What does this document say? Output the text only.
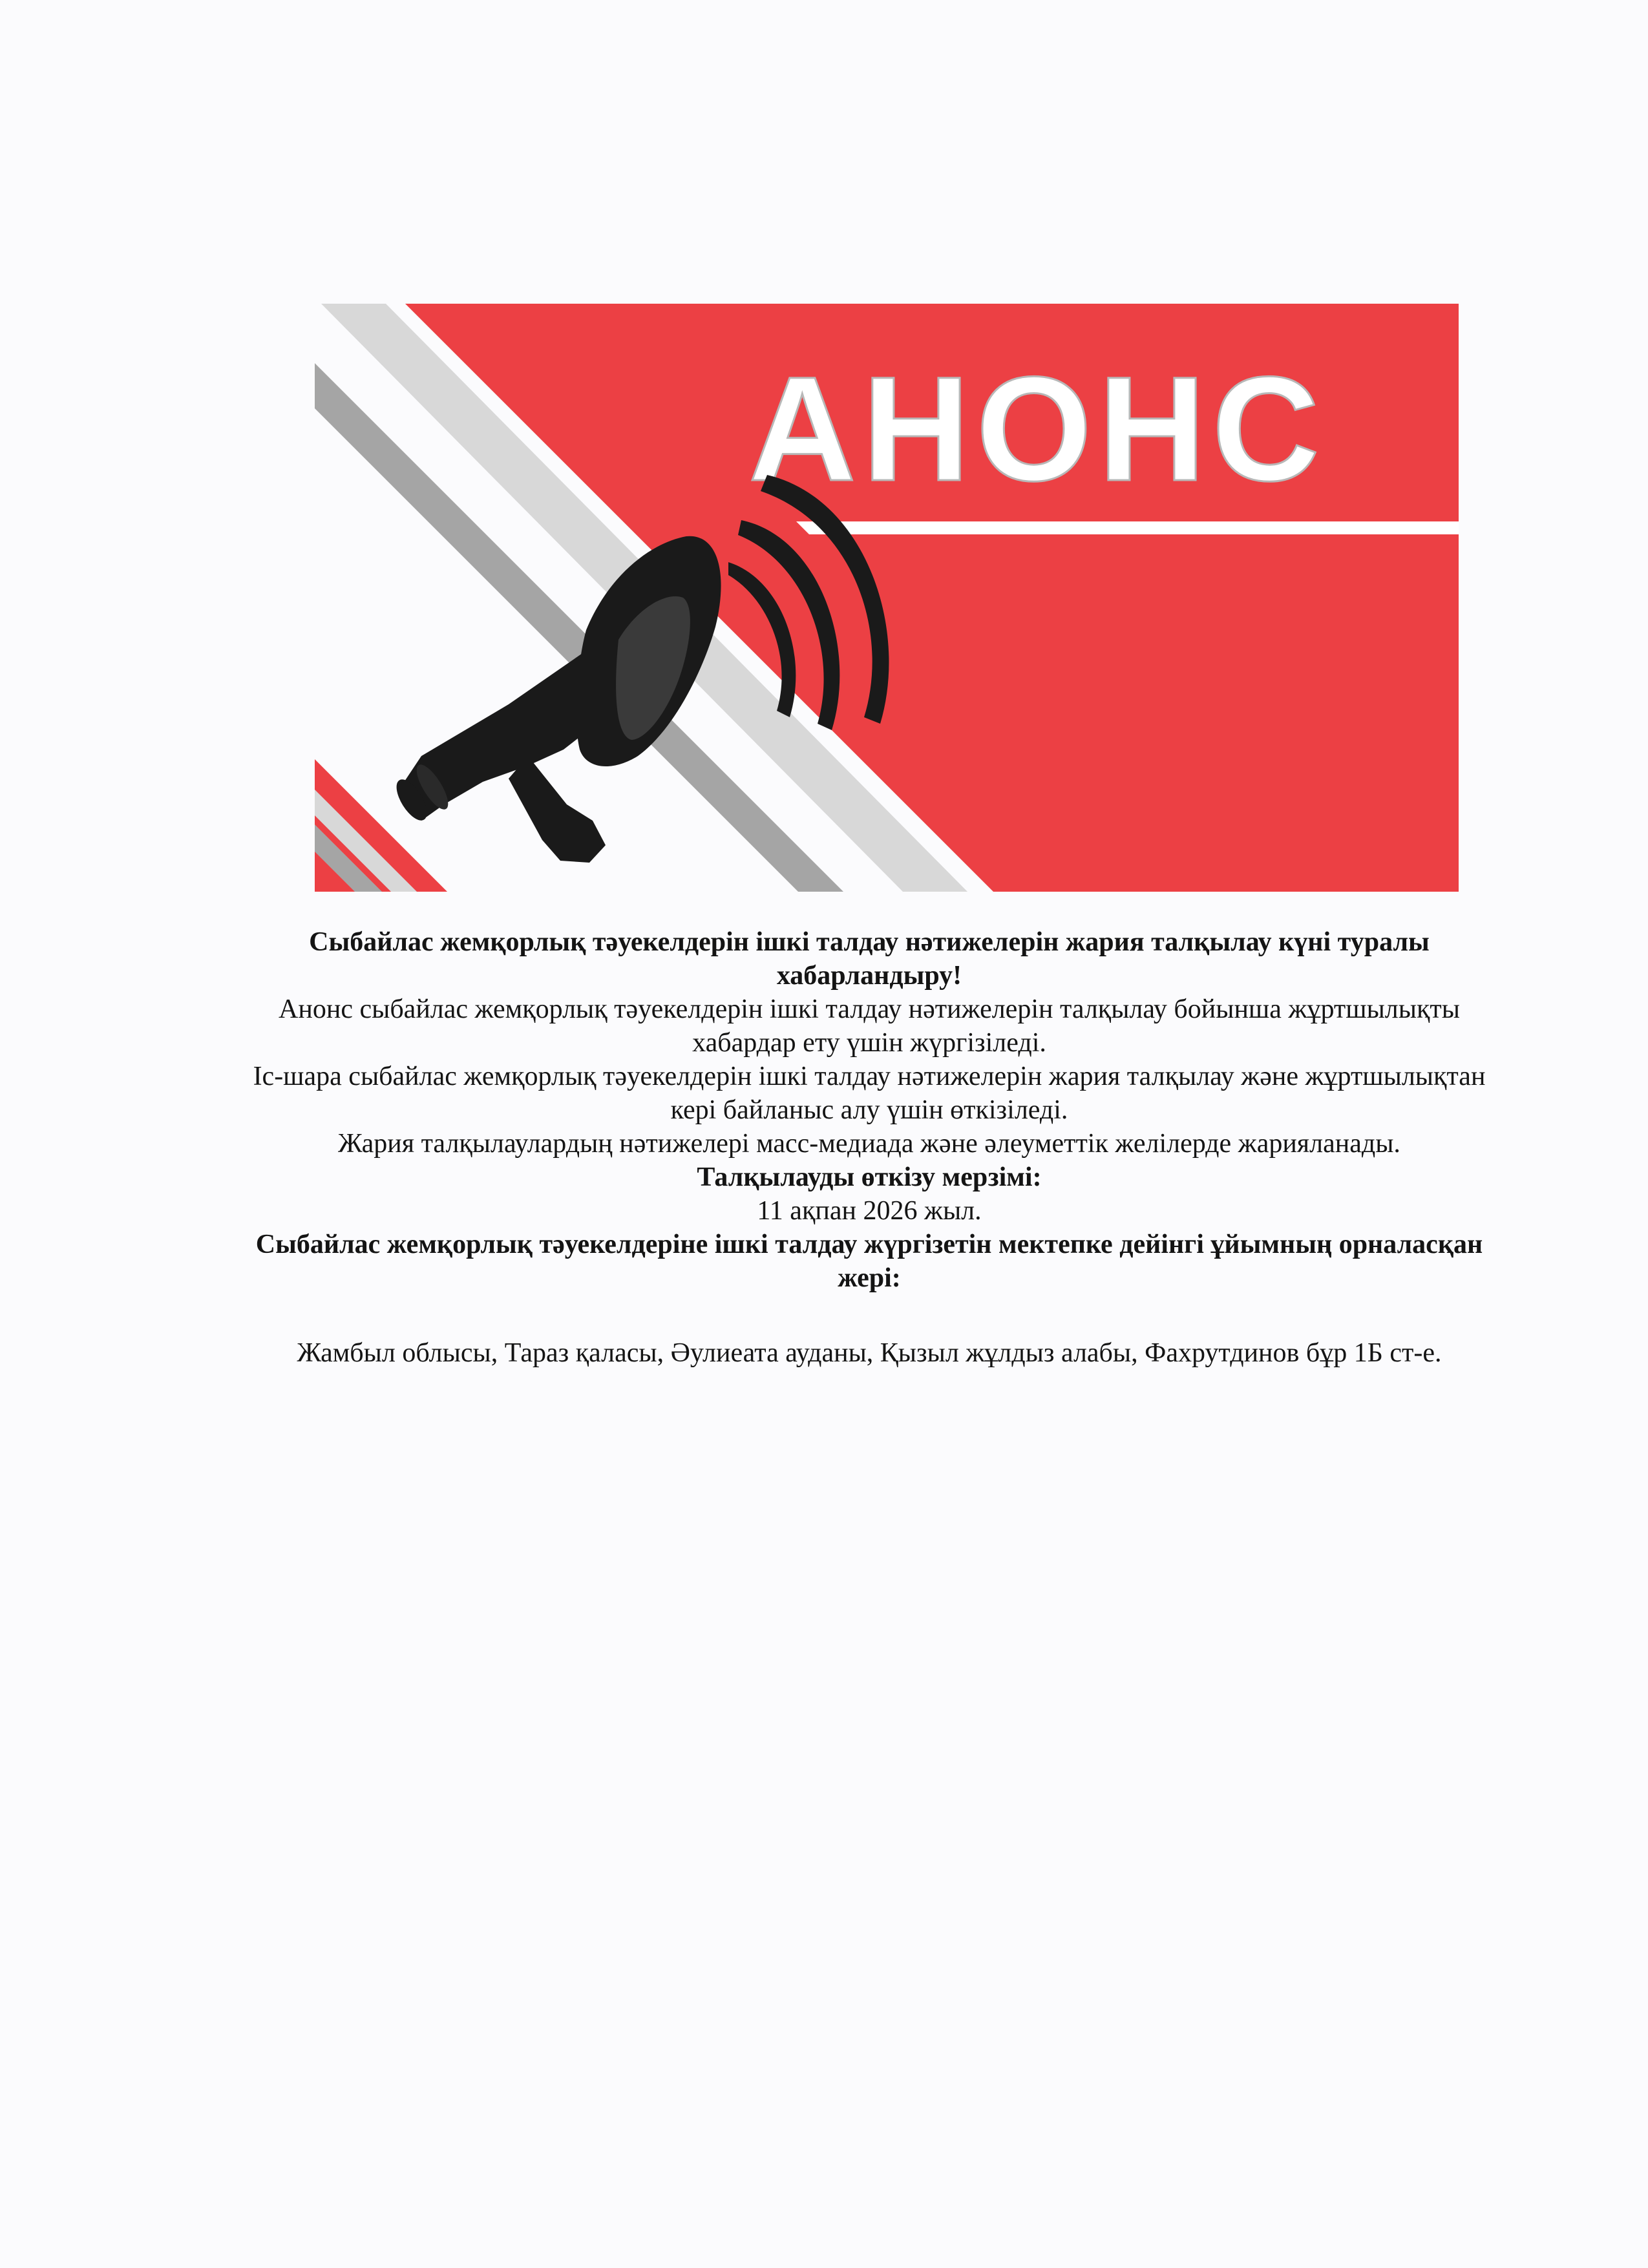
АНОНС

Сыбайлас жемқорлық тәуекелдерін ішкі талдау нәтижелерін жария талқылау күні туралы хабарландыру!

Анонс сыбайлас жемқорлық тәуекелдерін ішкі талдау нәтижелерін талқылау бойынша жұртшылықты хабардар ету үшін жүргізіледі.

Іс-шара сыбайлас жемқорлық тәуекелдерін ішкі талдау нәтижелерін жария талқылау және жұртшылықтан кері байланыс алу үшін өткізіледі.

Жария талқылаулардың нәтижелері масс-медиада және әлеуметтік желілерде жарияланады.

Талқылауды өткізу мерзімі:

11 ақпан 2026 жыл.

Сыбайлас жемқорлық тәуекелдеріне ішкі талдау жүргізетін мектепке дейінгі ұйымның орналасқан жері:

Жамбыл облысы, Тараз қаласы, Әулиеата ауданы, Қызыл жұлдыз алабы, Фахрутдинов бұр 1Б ст-е.
